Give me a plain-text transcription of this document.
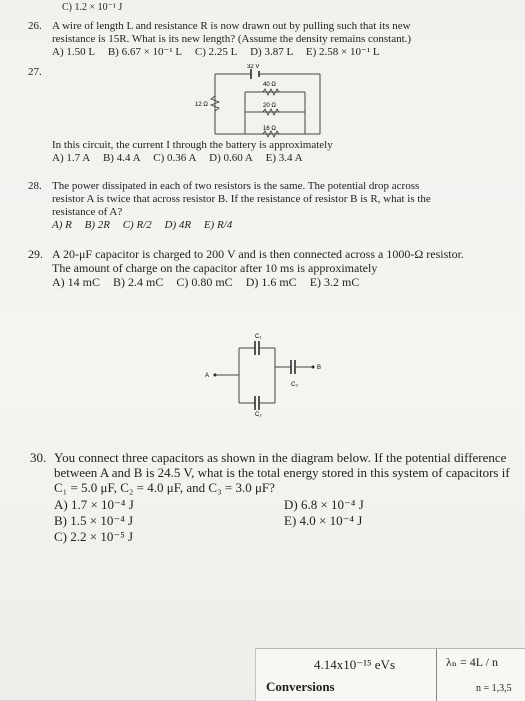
C) 1.2 × 10⁻¹ J
26. A wire of length L and resistance R is now drawn out by pulling such that its new
resistance is 15R. What is its new length? (Assume the density remains constant.)
A) 1.50 L B) 6.67 × 10⁻¹ L C) 2.25 L D) 3.87 L E) 2.58 × 10⁻¹ L
27.	32 V
12 Ω
40 Ω
20 Ω
16 Ω
In this circuit, the current I through the battery is approximately
A) 1.7 A B) 4.4 A C) 0.36 A D) 0.60 A E) 3.4 A
28. The power dissipated in each of two resistors is the same. The potential drop across
resistor A is twice that across resistor B. If the resistance of resistor B is R, what is the
resistance of A?
A) R B) 2R C) R/2 D) 4R E) R/4
29. A 20-μF capacitor is charged to 200 V and is then connected across a 1000-Ω resistor.
The amount of charge on the capacitor after 10 ms is approximately
A) 14 mC B) 2.4 mC C) 0.80 mC D) 1.6 mC E) 3.2 mC
C₁
C₂
C₃
A
B
30. You connect three capacitors as shown in the diagram below. If the potential difference
between A and B is 24.5 V, what is the total energy stored in this system of capacitors if
C₁ = 5.0 μF, C₂ = 4.0 μF, and C₃ = 3.0 μF?
A) 1.7 × 10⁻⁴ J	D) 6.8 × 10⁻⁴ J
B) 1.5 × 10⁻⁴ J	E) 4.0 × 10⁻⁴ J
C) 2.2 × 10⁻⁵ J
4.14x10⁻¹⁵ eVs
Conversions
λₙ = 4L / n
n = 1,3,5
